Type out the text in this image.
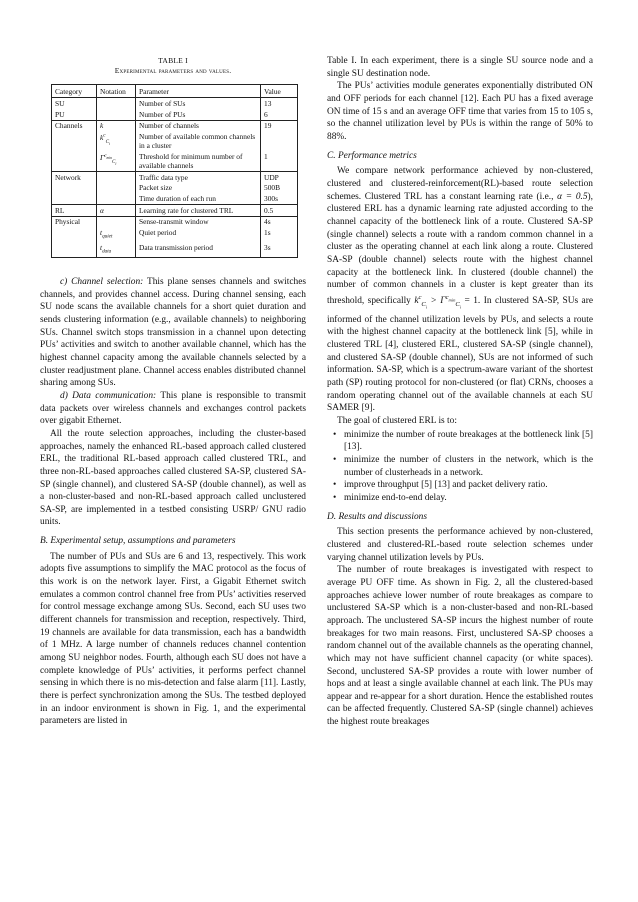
TABLE I
Experimental parameters and values.
Category	Notation	Parameter	Value
SU		Number of SUs	13
PU		Number of PUs	6
Channels	k	Number of channels	19
	$k^c_{C_i}$	Number of available common channels in a cluster	
	$\Gamma^{c_{min}}_{C_i}$	Threshold for minimum number of available channels	1
Network		Traffic data type	UDP
		Packet size	500B
		Time duration of each run	300s
RL	α	Learning rate for clustered TRL	0.5
Physical		Sense-transmit window	4s
	$t_{quiet}$	Quiet period	1s
	$t_{data}$	Data transmission period	3s

c) Channel selection: This plane senses channels and switches channels, and provides channel access. During channel sensing, each SU node scans the available channels for a short quiet duration and sends clustering information (e.g., available channels) to neighboring SUs. Channel switch stops transmission in a channel upon detecting PUs’ activities and switch to another available channel, which has the highest channel capacity among the available channels selected by a cluster readjustment plane. Channel access enables distributed channel sharing among SUs.

d) Data communication: This plane is responsible to transmit data packets over wireless channels and exchanges control packets over gigabit Ethernet.

All the route selection approaches, including the cluster-based approaches, namely the enhanced RL-based approach called clustered ERL, the traditional RL-based approach called clustered TRL, and three non-RL-based approaches called clustered SA-SP, clustered SA-SP (single channel), and clustered SA-SP (double channel), as well as a non-cluster-based and non-RL-based approach called unclustered SA-SP, are implemented in a testbed consisting USRP/ GNU radio units.

B. Experimental setup, assumptions and parameters

The number of PUs and SUs are 6 and 13, respectively. This work adopts five assumptions to simplify the MAC protocol as the focus of this work is on the network layer. First, a Gigabit Ethernet switch emulates a common control channel free from PUs’ activities reserved for control message exchange among SUs. Second, each SU uses two different channels for transmission and reception, respectively. Third, 19 channels are available for data transmission, each has a bandwidth of 1 MHz. A large number of channels reduces channel contention among SU neighbor nodes. Fourth, although each SU does not have a complete knowledge of PUs’ activities, it performs perfect channel sensing in which there is no mis-detection and false alarm [11]. Lastly, there is perfect synchronization among the SUs. The testbed deployed in an indoor environment is shown in Fig. 1, and the experimental parameters are listed in

Table I. In each experiment, there is a single SU source node and a single SU destination node.

The PUs’ activities module generates exponentially distributed ON and OFF periods for each channel [12]. Each PU has a fixed average ON time of 15 s and an average OFF time that varies from 15 to 105 s, so the channel utilization level by PUs is within the range of 50% to 88%.

C. Performance metrics

We compare network performance achieved by non-clustered, clustered and clustered-reinforcement(RL)-based route selection schemes. Clustered TRL has a constant learning rate (i.e., α = 0.5), clustered ERL has a dynamic learning rate adjusted according to the channel capacity of the bottleneck link of a route. Clustered SA-SP (single channel) selects a route with a random common channel in a cluster as the operating channel at each link along a route. Clustered SA-SP (double channel) selects route with the highest channel capacity at the bottleneck link. In clustered (double channel) the number of common channels in a cluster is kept greater than its threshold, specifically $k^c_{C_i} > \Gamma^{c_{min}}_{C_i} = 1$. In clustered SA-SP, SUs are informed of the channel utilization levels by PUs, and selects a route with the highest channel capacity at the bottleneck link [5], while in clustered TRL [4], clustered ERL, clustered SA-SP (single channel), and clustered SA-SP (double channel), SUs are not informed of such information. SA-SP, which is a spectrum-aware variant of the shortest path (SP) routing protocol for non-clustered (or flat) CRNs, chooses a random operating channel out of the available channels at each SU SAMER [9].

The goal of clustered ERL is to:

• minimize the number of route breakages at the bottleneck link [5] [13].
• minimize the number of clusters in the network, which is the number of clusterheads in a network.
• improve throughput [5] [13] and packet delivery ratio.
• minimize end-to-end delay.
D. Results and discussions

This section presents the performance achieved by non-clustered, clustered and clustered-RL-based route selection schemes under varying channel utilization levels by PUs.

The number of route breakages is investigated with respect to average PU OFF time. As shown in Fig. 2, all the clustered-based approaches achieve lower number of route breakages as compare to unclustered SA-SP which is a non-cluster-based and non-RL-based approach. The unclustered SA-SP incurs the highest number of route breakages for two main reasons. First, unclustered SA-SP chooses a random channel out of the available channels as the operating channel, which may not have sufficient channel capacity (or white spaces). Second, unclustered SA-SP provides a route with lower number of hops and at least a single available channel at each link. The PUs may appear and re-appear for a short duration. Hence the established routes can be affected frequently. Clustered SA-SP (single channel) achieves the highest route breakages
